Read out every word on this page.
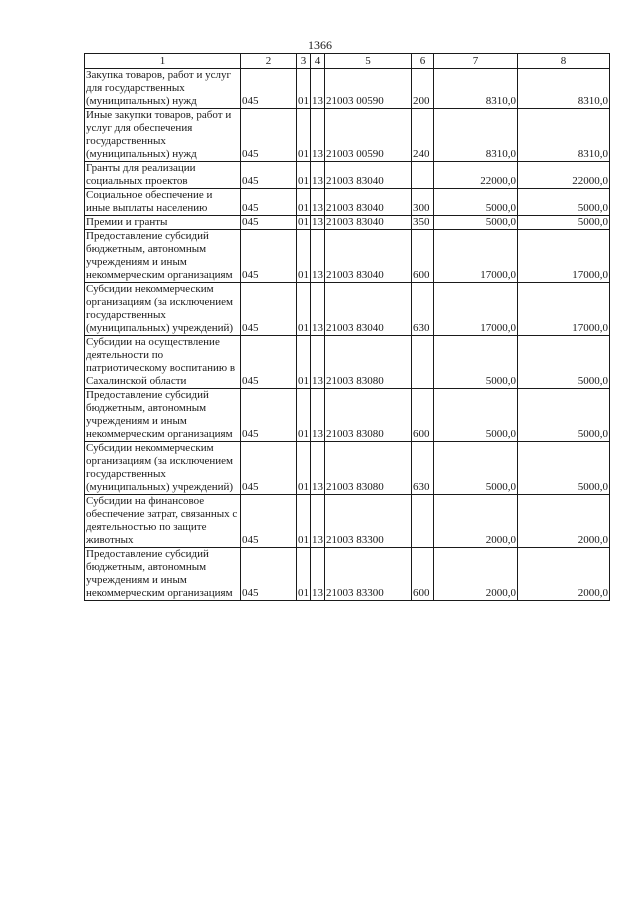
1366
1	2	3	4	5	6	7	8
Закупка товаров, работ и услуг для государственных (муниципальных) нужд	045	01	13	21003 00590	200	8310,0	8310,0
Иные закупки товаров, работ и услуг для обеспечения государственных (муниципальных) нужд	045	01	13	21003 00590	240	8310,0	8310,0
Гранты для реализации социальных проектов	045	01	13	21003 83040		22000,0	22000,0
Социальное обеспечение и иные выплаты населению	045	01	13	21003 83040	300	5000,0	5000,0
Премии и гранты	045	01	13	21003 83040	350	5000,0	5000,0
Предоставление субсидий бюджетным, автономным учреждениям и иным некоммерческим организациям	045	01	13	21003 83040	600	17000,0	17000,0
Субсидии некоммерческим организациям (за исключением государственных (муниципальных) учреждений)	045	01	13	21003 83040	630	17000,0	17000,0
Субсидии на осуществление деятельности по патриотическому воспитанию в Сахалинской области	045	01	13	21003 83080		5000,0	5000,0
Предоставление субсидий бюджетным, автономным учреждениям и иным некоммерческим организациям	045	01	13	21003 83080	600	5000,0	5000,0
Субсидии некоммерческим организациям (за исключением государственных (муниципальных) учреждений)	045	01	13	21003 83080	630	5000,0	5000,0
Субсидии на финансовое обеспечение затрат, связанных с деятельностью по защите животных	045	01	13	21003 83300		2000,0	2000,0
Предоставление субсидий бюджетным, автономным учреждениям и иным некоммерческим организациям	045	01	13	21003 83300	600	2000,0	2000,0
